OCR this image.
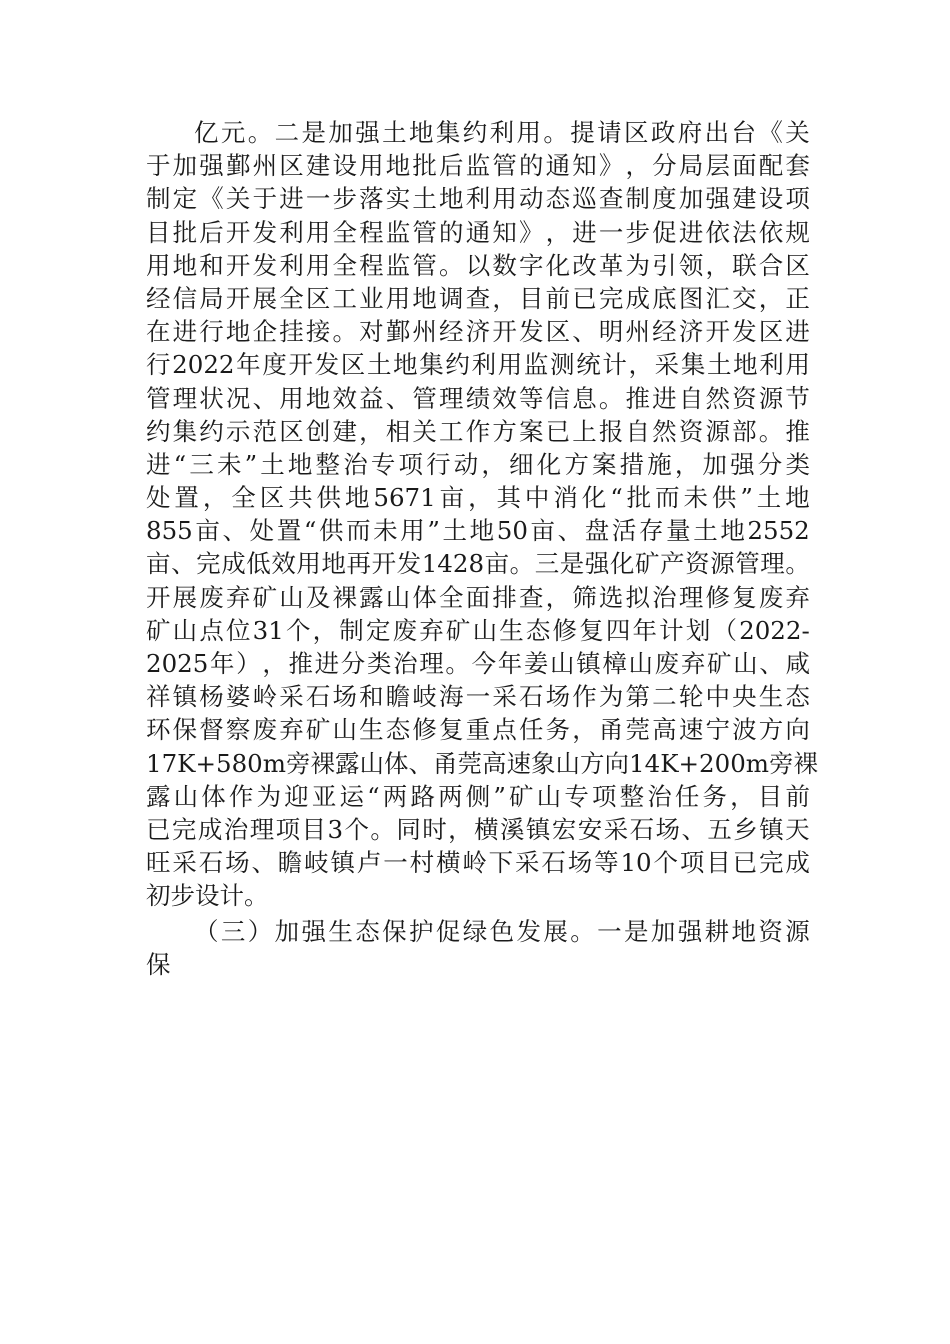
亿 元 。 二 是 加 强 土 地 集 约 利 用 。 提 请 区 政 府 出 台 《 关
于 加 强 鄞 州 区 建 设 用 地 批 后 监 管 的 通 知 》 ， 分 局 层 面 配 套
制 定 《 关 于 进 一 步 落 实 土 地 利 用 动 态 巡 查 制 度 加 强 建 设 项
目 批 后 开 发 利 用 全 程 监 管 的 通 知 》 ， 进 一 步 促 进 依 法 依 规
用 地 和 开 发 利 用 全 程 监 管 。 以 数 字 化 改 革 为 引 领 ， 联 合 区
经 信 局 开 展 全 区 工 业 用 地 调 查 ， 目 前 已 完 成 底 图 汇 交 ， 正
在 进 行 地 企 挂 接 。 对 鄞 州 经 济 开 发 区 、 明 州 经 济 开 发 区 进
行 2022 年 度 开 发 区 土 地 集 约 利 用 监 测 统 计 ， 采 集 土 地 利 用
管 理 状 况 、 用 地 效 益 、 管 理 绩 效 等 信 息 。 推 进 自 然 资 源 节
约 集 约 示 范 区 创 建 ， 相 关 工 作 方 案 已 上 报 自 然 资 源 部 。 推
进 “ 三 未 ” 土 地 整 治 专 项 行 动 ， 细 化 方 案 措 施 ， 加 强 分 类
处 置 ， 全 区 共 供 地 5671 亩 ， 其 中 消 化 “ 批 而 未 供 ” 土 地
855 亩 、 处 置 “ 供 而 未 用 ” 土 地 50 亩 、 盘 活 存 量 土 地 2552
亩 、 完 成 低 效 用 地 再 开 发 1428 亩 。 三 是 强 化 矿 产 资 源 管 理 。
开 展 废 弃 矿 山 及 裸 露 山 体 全 面 排 查 ， 筛 选 拟 治 理 修 复 废 弃
矿 山 点 位 31 个 ， 制 定 废 弃 矿 山 生 态 修 复 四 年 计 划 （ 2022-
2025 年 ） ， 推 进 分 类 治 理 。 今 年 姜 山 镇 樟 山 废 弃 矿 山 、 咸
祥 镇 杨 婆 岭 采 石 场 和 瞻 岐 海 一 采 石 场 作 为 第 二 轮 中 央 生 态
环 保 督 察 废 弃 矿 山 生 态 修 复 重 点 任 务 ， 甬 莞 高 速 宁 波 方 向
17K+580m 旁 裸 露 山 体 、 甬 莞 高 速 象 山 方 向 14K+200m 旁 裸
露 山 体 作 为 迎 亚 运 “ 两 路 两 侧 ” 矿 山 专 项 整 治 任 务 ， 目 前
已 完 成 治 理 项 目 3 个 。 同 时 ， 横 溪 镇 宏 安 采 石 场 、 五 乡 镇 天
旺 采 石 场 、 瞻 岐 镇 卢 一 村 横 岭 下 采 石 场 等 10 个 项 目 已 完 成
初步设计。
（ 三 ） 加 强 生 态 保 护 促 绿 色 发 展 。 一 是 加 强 耕 地 资 源
保
